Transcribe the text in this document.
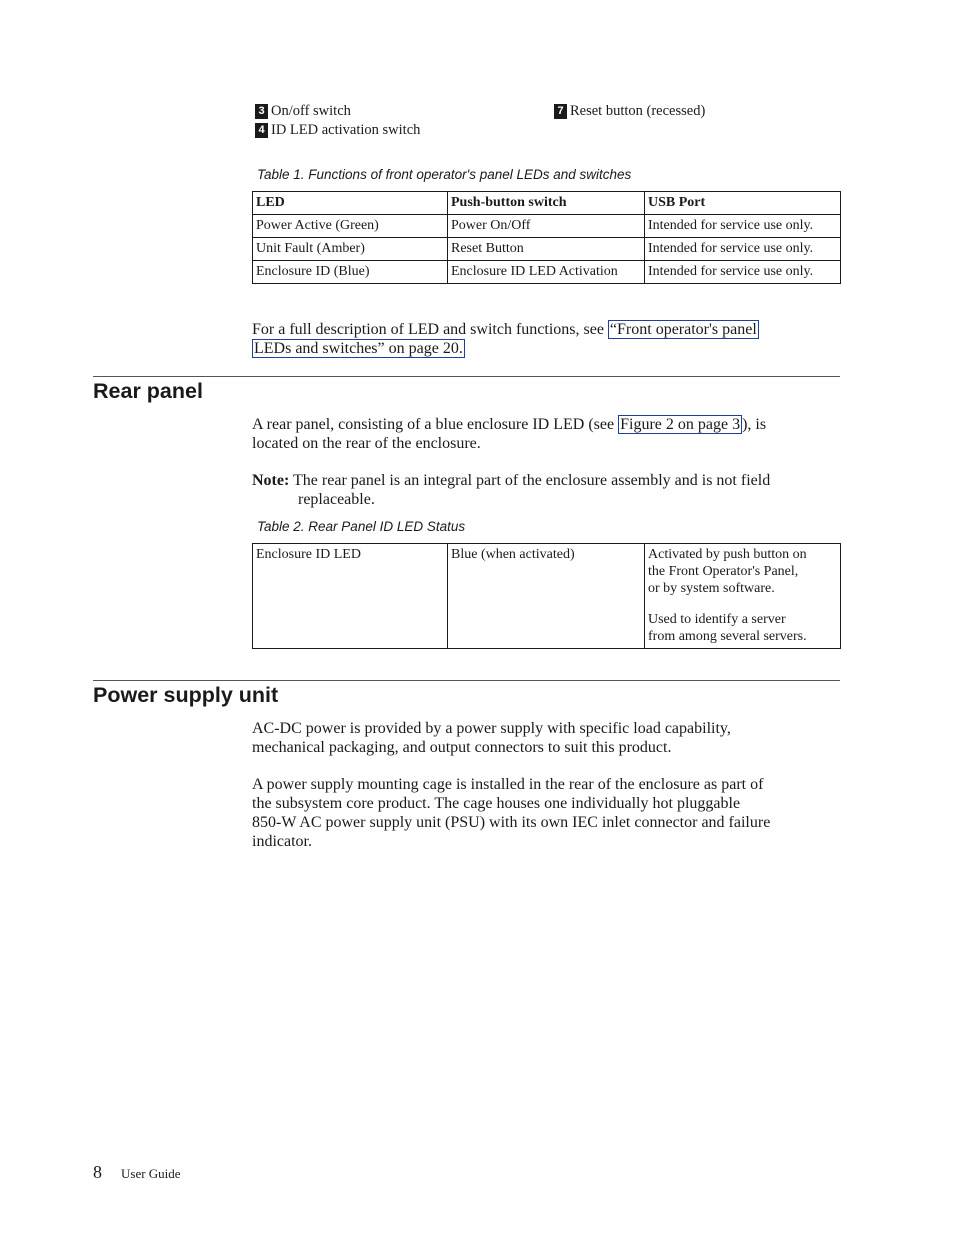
3 On/off switch
4 ID LED activation switch
7 Reset button (recessed)
Table 1. Functions of front operator's panel LEDs and switches
LED	Push-button switch	USB Port
Power Active (Green)	Power On/Off	Intended for service use only.
Unit Fault (Amber)	Reset Button	Intended for service use only.
Enclosure ID (Blue)	Enclosure ID LED Activation	Intended for service use only.
For a full description of LED and switch functions, see “Front operator's panel
LEDs and switches” on page 20.
Rear panel
A rear panel, consisting of a blue enclosure ID LED (see Figure 2 on page 3 ), is
located on the rear of the enclosure.
Note: The rear panel is an integral part of the enclosure assembly and is not field
replaceable.
Table 2. Rear Panel ID LED Status
Enclosure ID LED	Blue (when activated)	Activated by push button on
the Front Operator's Panel,
or by system software.

Used to identify a server
from among several servers.

Power supply unit
AC-DC power is provided by a power supply with specific load capability,
mechanical packaging, and output connectors to suit this product.
A power supply mounting cage is installed in the rear of the enclosure as part of
the subsystem core product. The cage houses one individually hot pluggable
850-W AC power supply unit (PSU) with its own IEC inlet connector and failure
indicator.
8 User Guide
